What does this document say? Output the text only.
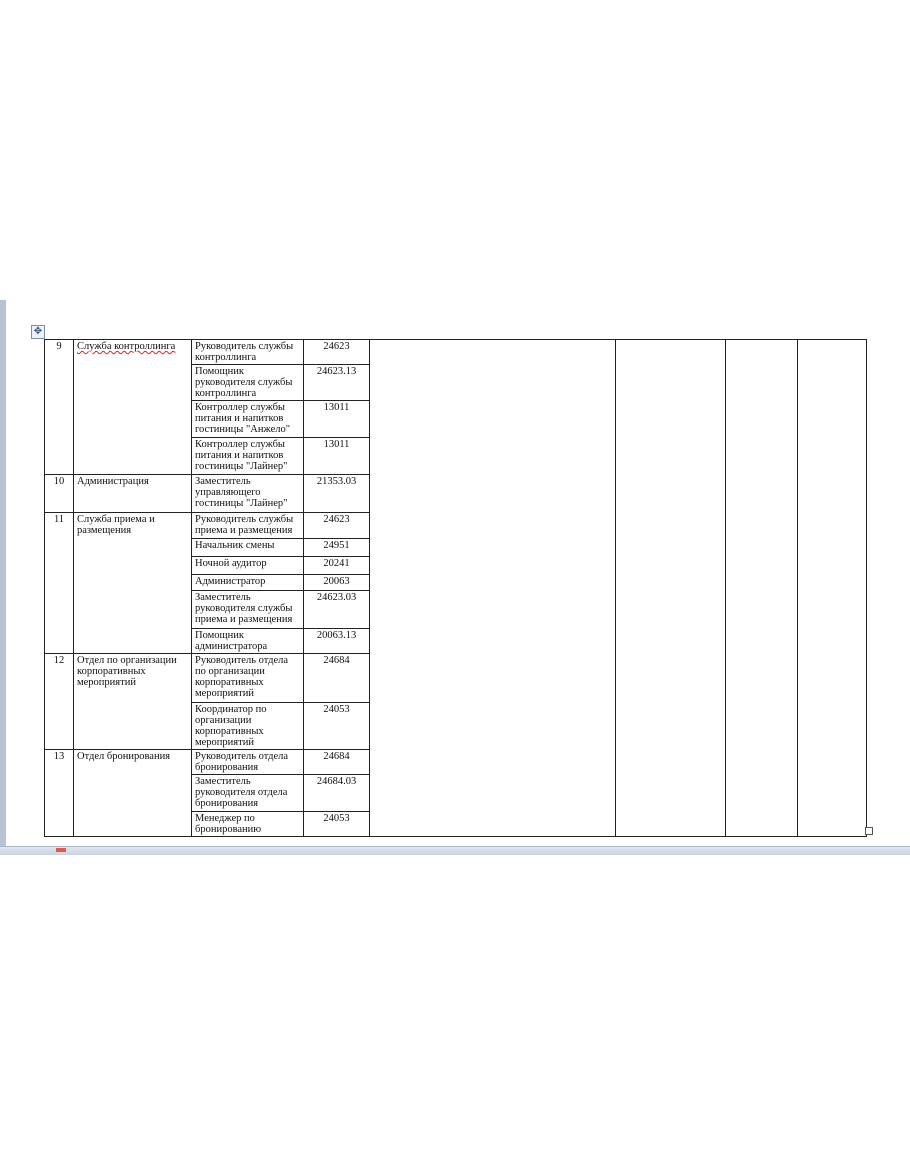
✥
9	Служба контроллинга	Руководитель службы контроллинга	24623				
		Помощник руководителя службы контроллинга	24623.13				
		Контроллер службы питания и напитков гостиницы "Анжело"	13011				
		Контроллер службы питания и напитков гостиницы "Лайнер"	13011				
10	Администрация	Заместитель управляющего гостиницы "Лайнер"	21353.03				
11	Служба приема и размещения	Руководитель службы приема и размещения	24623				
		Начальник смены	24951				
		Ночной аудитор	20241				
		Администратор	20063				
		Заместитель руководителя службы приема и размещения	24623.03				
		Помощник администратора	20063.13				
12	Отдел по организации корпоративных мероприятий	Руководитель отдела по организации корпоративных мероприятий	24684				
		Координатор по организации корпоративных мероприятий	24053				
13	Отдел бронирования	Руководитель отдела бронирования	24684				
		Заместитель руководителя отдела бронирования	24684.03				
		Менеджер по бронированию	24053				
